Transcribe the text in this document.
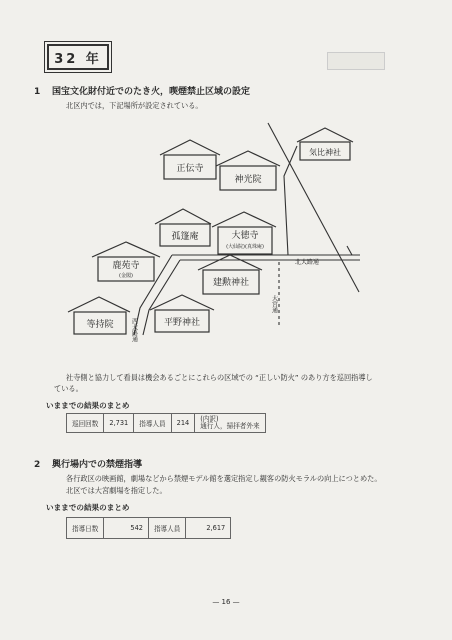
32 年
1 国宝文化財付近でのたき火，喫煙禁止区域の設定
北区内では，下記場所が設定されている。
気比神社
正伝寺
神光院
孤篷庵	大徳寺
(大仙院)(真珠庵)
鹿苑寺
(金閣)
建勲神社
等持院	平野神社
北大路通
大宮通
西大路通
社寺側と協力して看員は機会あるごとにこれらの区域での “正しい防火” のあり方を巡回指導し
ている。
いままでの結果のまとめ
巡回回数	2,731	指導人員	214	(内訳)
通行人，掃拝者外来
2 興行場内での禁煙指導
各行政区の映画館，劇場などから禁煙モデル館を選定指定し観客の防火モラルの向上につとめた。
北区では大宮劇場を指定した。
いままでの結果のまとめ
指導日数	542	指導人員	2,617
— 16 —
